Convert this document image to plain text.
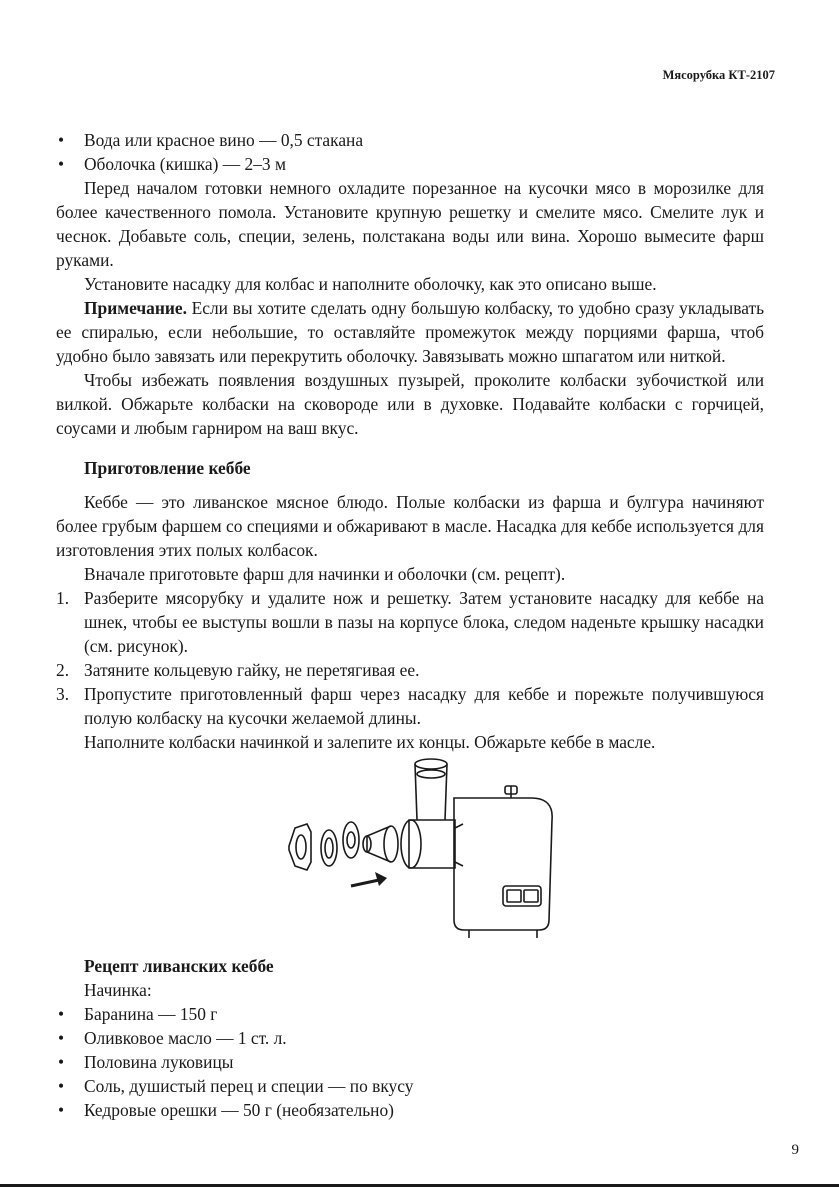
Мясорубка КТ-2107
• Вода или красное вино — 0,5 стакана
• Оболочка (кишка) — 2–3 м

Перед началом готовки немного охладите порезанное на кусочки мясо в морозилке для более качественного помола. Установите крупную решетку и смелите мясо. Смелите лук и чеснок. Добавьте соль, специи, зелень, полстакана воды или вина. Хорошо вымесите фарш руками.

Установите насадку для колбас и наполните оболочку, как это описано выше.

Примечание. Если вы хотите сделать одну большую колбаску, то удобно сразу укладывать ее спиралью, если небольшие, то оставляйте промежуток между порциями фарша, чтоб удобно было завязать или перекрутить оболочку. Завязывать можно шпагатом или ниткой.

Чтобы избежать появления воздушных пузырей, проколите колбаски зубочисткой или вилкой. Обжарьте колбаски на сковороде или в духовке. Подавайте колбаски с горчицей, соусами и любым гарниром на ваш вкус.

Приготовление кеббе

Кеббе — это ливанское мясное блюдо. Полые колбаски из фарша и булгура начиняют более грубым фаршем со специями и обжаривают в масле. Насадка для кеббе используется для изготовления этих полых колбасок.

Вначале приготовьте фарш для начинки и оболочки (см. рецепт).

1. Разберите мясорубку и удалите нож и решетку. Затем установите насадку для кеббе на шнек, чтобы ее выступы вошли в пазы на корпусе блока, следом наденьте крышку насадки (см. рисунок).
2. Затяните кольцевую гайку, не перетягивая ее.
3. Пропустите приготовленный фарш через насадку для кеббе и порежьте получившуюся полую колбаску на кусочки желаемой длины.

Наполните колбаски начинкой и залепите их концы. Обжарьте кеббе в масле.

Рецепт ливанских кеббе

Начинка:

• Баранина — 150 г
• Оливковое масло — 1 ст. л.
• Половина луковицы
• Соль, душистый перец и специи — по вкусу
• Кедровые орешки — 50 г (необязательно)
9
